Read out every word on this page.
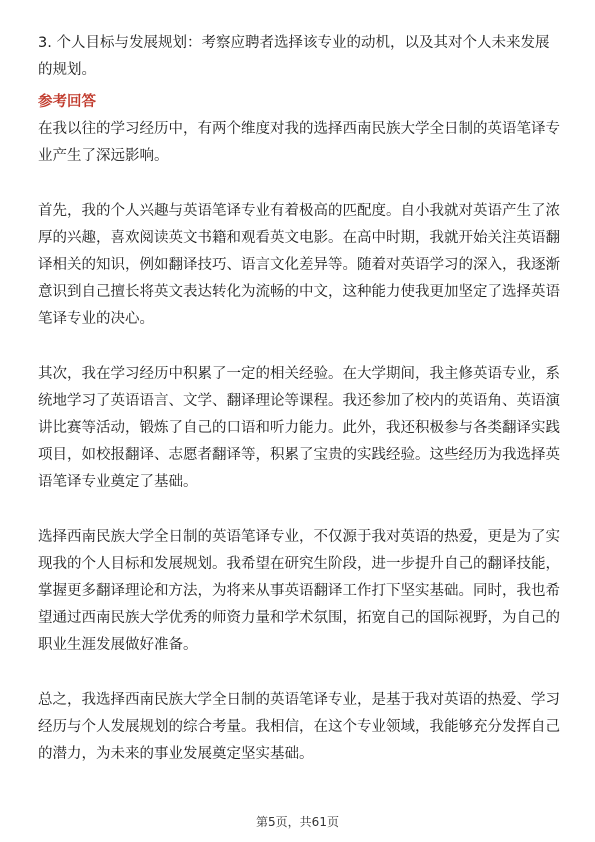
3. 个人目标与发展规划：考察应聘者选择该专业的动机，以及其对个人未来发展的规划。

参考回答

在我以往的学习经历中，有两个维度对我的选择西南民族大学全日制的英语笔译专业产生了深远影响。

首先，我的个人兴趣与英语笔译专业有着极高的匹配度。自小我就对英语产生了浓厚的兴趣，喜欢阅读英文书籍和观看英文电影。在高中时期，我就开始关注英语翻译相关的知识，例如翻译技巧、语言文化差异等。随着对英语学习的深入，我逐渐意识到自己擅长将英文表达转化为流畅的中文，这种能力使我更加坚定了选择英语笔译专业的决心。

其次，我在学习经历中积累了一定的相关经验。在大学期间，我主修英语专业，系统地学习了英语语言、文学、翻译理论等课程。我还参加了校内的英语角、英语演讲比赛等活动，锻炼了自己的口语和听力能力。此外，我还积极参与各类翻译实践项目，如校报翻译、志愿者翻译等，积累了宝贵的实践经验。这些经历为我选择英语笔译专业奠定了基础。

选择西南民族大学全日制的英语笔译专业，不仅源于我对英语的热爱，更是为了实现我的个人目标和发展规划。我希望在研究生阶段，进一步提升自己的翻译技能，掌握更多翻译理论和方法，为将来从事英语翻译工作打下坚实基础。同时，我也希望通过西南民族大学优秀的师资力量和学术氛围，拓宽自己的国际视野，为自己的职业生涯发展做好准备。

总之，我选择西南民族大学全日制的英语笔译专业，是基于我对英语的热爱、学习经历与个人发展规划的综合考量。我相信，在这个专业领域，我能够充分发挥自己的潜力，为未来的事业发展奠定坚实基础。

第5页，共61页
